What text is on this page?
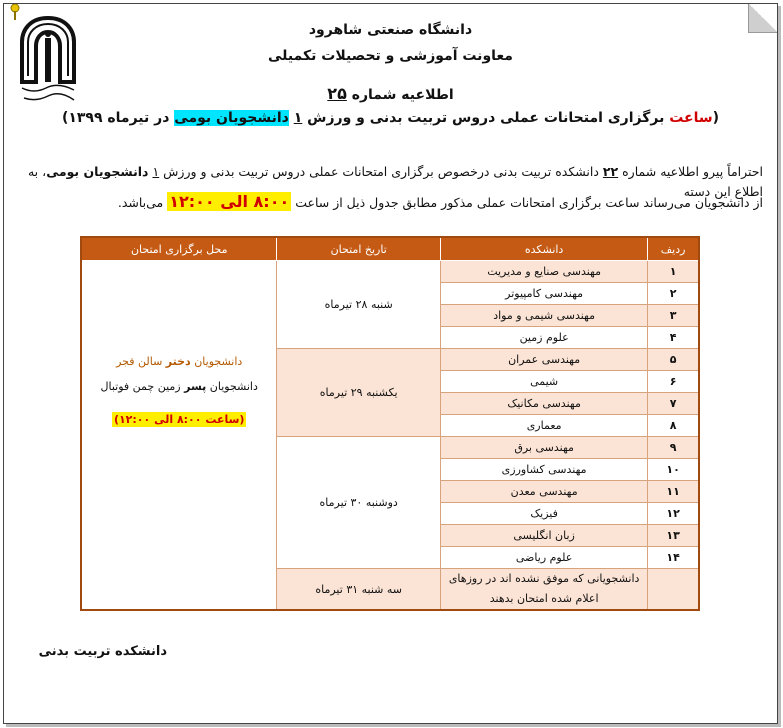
دانشگاه صنعتی شاهرود
معاونت آموزشی و تحصیلات تکمیلی
اطلاعیه شماره ۲۵
(ساعت برگزاری امتحانات عملی دروس تربیت بدنی و ورزش ۱ دانشجویان بومی در تیرماه ۱۳۹۹)
احتراماً پیرو اطلاعیه شماره ۲۲ دانشکده تربیت بدنی درخصوص برگزاری امتحانات عملی دروس تربیت بدنی و ورزش ۱ دانشجویان بومی، به اطلاع این دسته
از دانشجویان می‌رساند ساعت برگزاری امتحانات عملی مذکور مطابق جدول ذیل از ساعت ۸:۰۰ الی ۱۲:۰۰ می‌باشد.
ردیف	دانشکده	تاریخ امتحان	محل برگزاری امتحان
۱	مهندسی صنایع و مدیریت	شنبه ۲۸ تیرماه	دانشجویان دختر سالن فجر
دانشجویان پسر زمین چمن فوتبال
(ساعت ۸:۰۰ الی ۱۲:۰۰)

۲	مهندسی کامپیوتر		
۳	مهندسی شیمی و مواد		
۴	علوم زمین		
۵	مهندسی عمران	یکشنبه ۲۹ تیرماه	
۶	شیمی		
۷	مهندسی مکانیک		
۸	معماری		
۹	مهندسی برق	دوشنبه ۳۰ تیرماه	
۱۰	مهندسی کشاورزی		
۱۱	مهندسی معدن		
۱۲	فیزیک		
۱۳	زبان انگلیسی		
۱۴	علوم ریاضی		

	دانشجویانی که موفق نشده اند در روزهای
اعلام شده امتحان بدهند	سه شنبه ۳۱ تیرماه	
دانشکده تربیت بدنی
